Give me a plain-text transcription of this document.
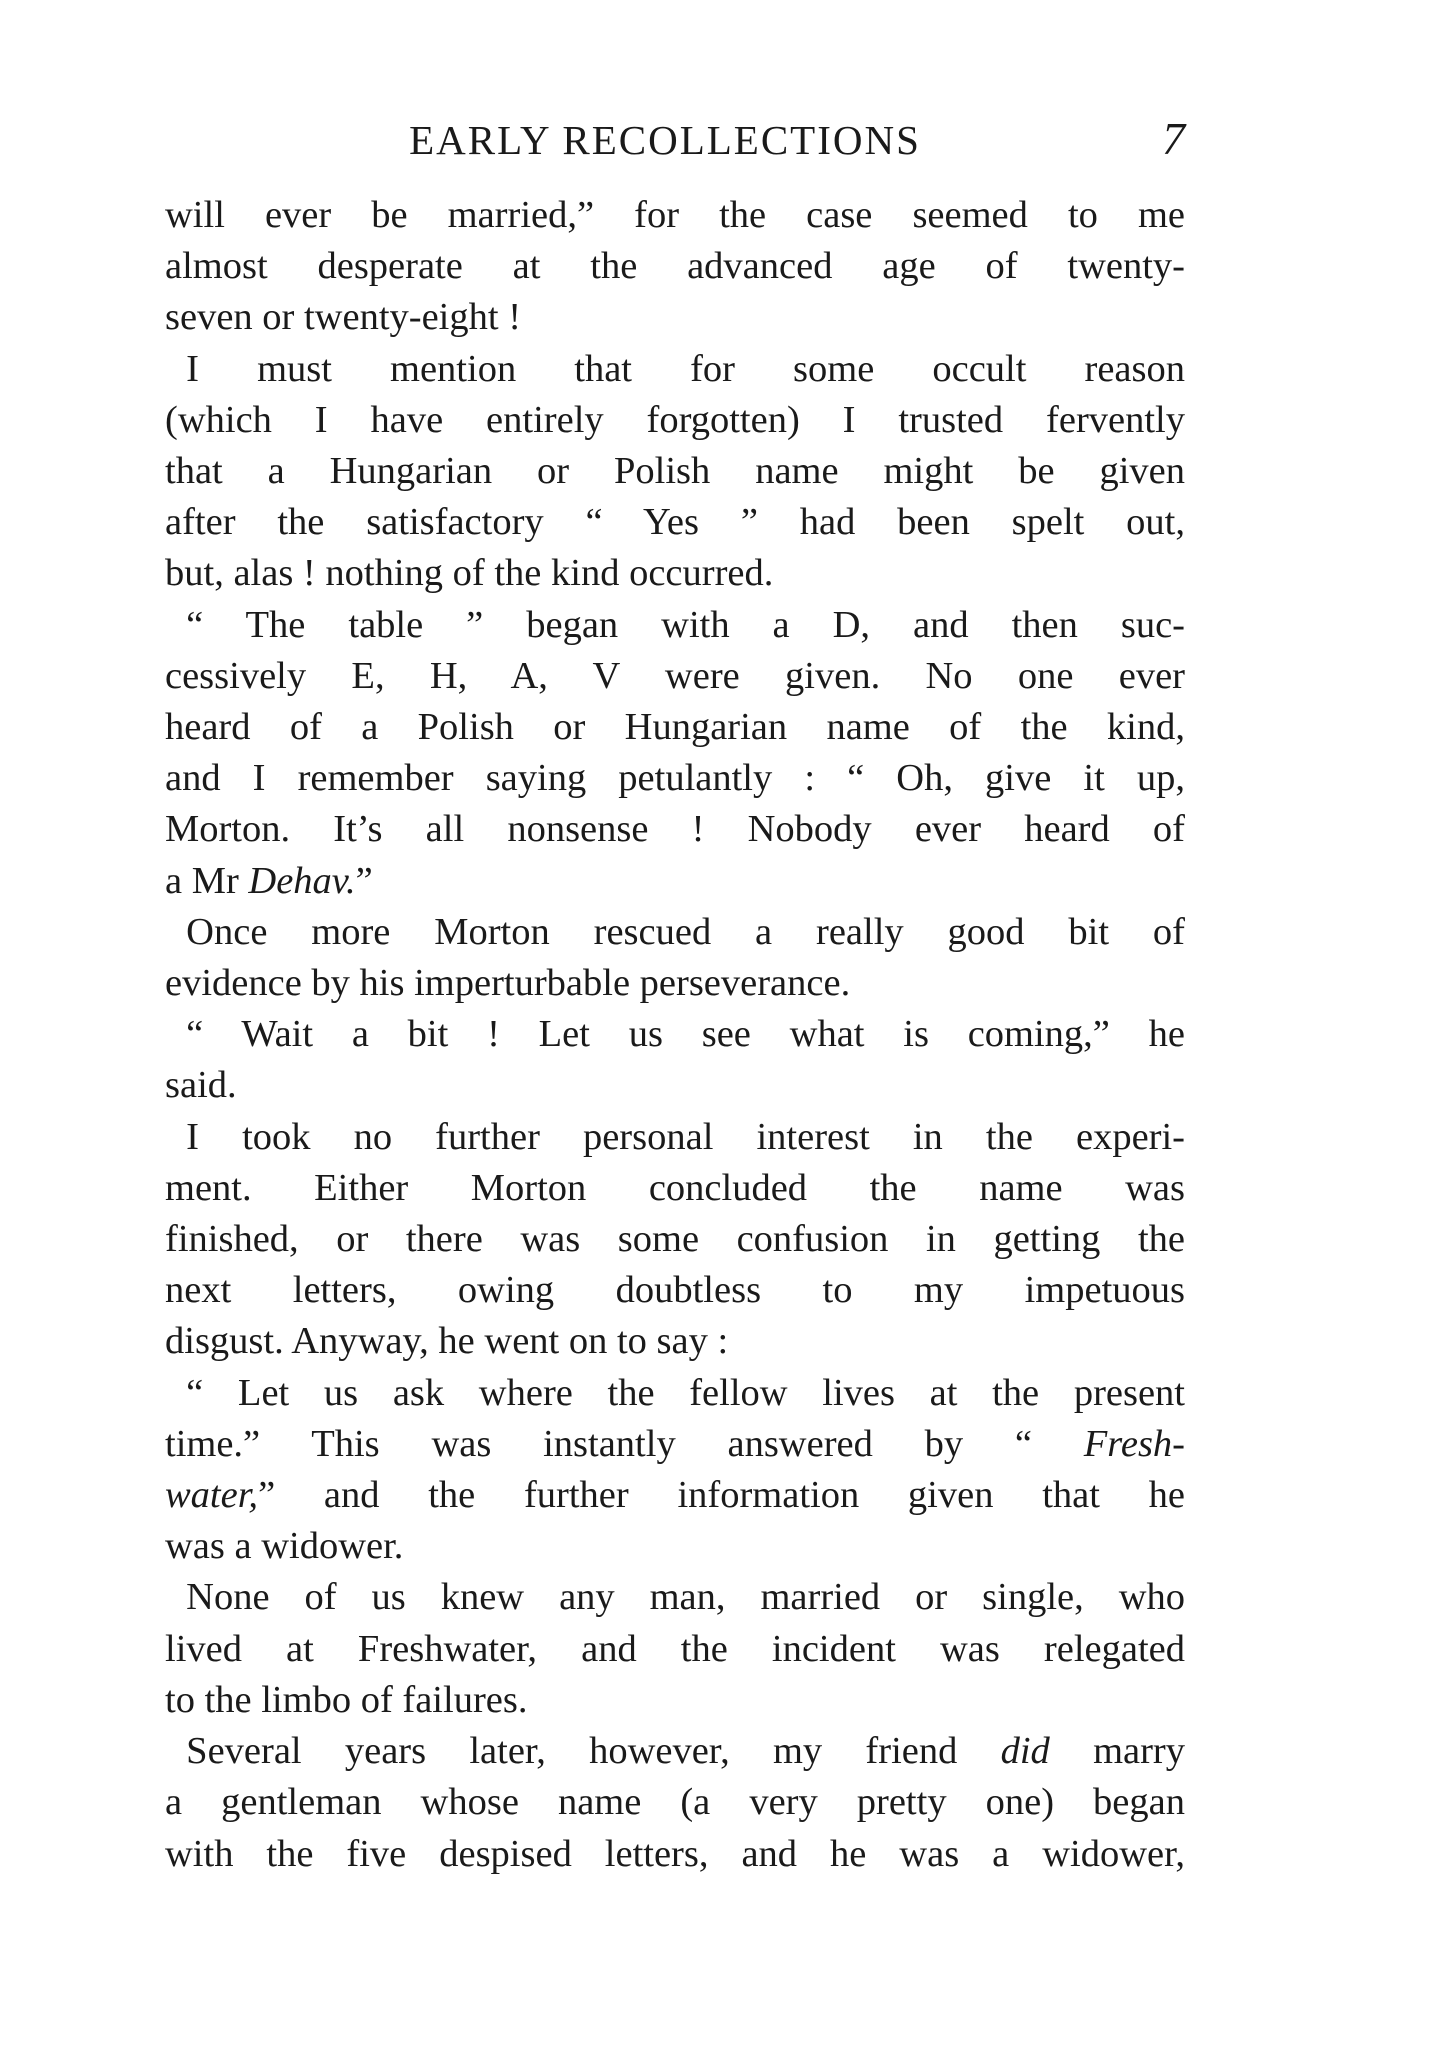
EARLY RECOLLECTIONS	7
will ever be married,” for the case seemed to me
almost desperate at the advanced age of twenty-
seven or twenty-eight !
I must mention that for some occult reason
(which I have entirely forgotten) I trusted fervently
that a Hungarian or Polish name might be given
after the satisfactory “ Yes ” had been spelt out,
but, alas ! nothing of the kind occurred.
“ The table ” began with a D, and then suc-
cessively E, H, A, V were given. No one ever
heard of a Polish or Hungarian name of the kind,
and I remember saying petulantly : “ Oh, give it up,
Morton. It’s all nonsense ! Nobody ever heard of
a Mr Dehav.”
Once more Morton rescued a really good bit of
evidence by his imperturbable perseverance.
“ Wait a bit ! Let us see what is coming,” he
said.
I took no further personal interest in the experi-
ment. Either Morton concluded the name was
finished, or there was some confusion in getting the
next letters, owing doubtless to my impetuous
disgust. Anyway, he went on to say :
“ Let us ask where the fellow lives at the present
time.” This was instantly answered by “ Fresh-
water,” and the further information given that he
was a widower.
None of us knew any man, married or single, who
lived at Freshwater, and the incident was relegated
to the limbo of failures.
Several years later, however, my friend did marry
a gentleman whose name (a very pretty one) began
with the five despised letters, and he was a widower,
